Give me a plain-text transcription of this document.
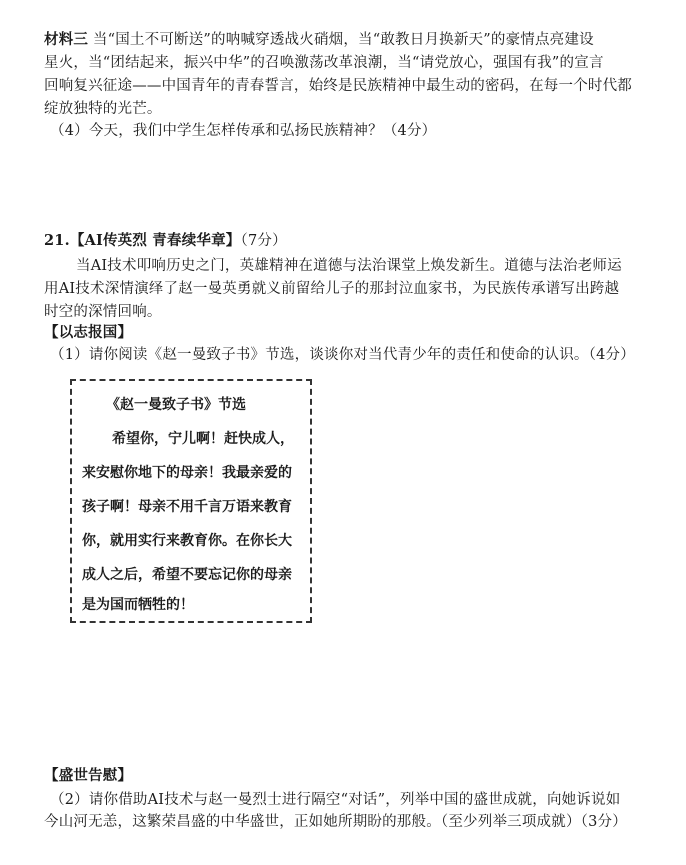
材料三 当“国土不可断送”的呐喊穿透战火硝烟，当“敢教日月换新天”的豪情点亮建设
星火，当“团结起来，振兴中华”的召唤激荡改革浪潮，当“请党放心，强国有我”的宣言
回响复兴征途——中国青年的青春誓言，始终是民族精神中最生动的密码，在每一个时代都
绽放独特的光芒。
（4）今天，我们中学生怎样传承和弘扬民族精神？（4分）
21.【AI传英烈 青春续华章】（7分）
当AI技术叩响历史之门，英雄精神在道德与法治课堂上焕发新生。道德与法治老师运
用AI技术深情演绎了赵一曼英勇就义前留给儿子的那封泣血家书，为民族传承谱写出跨越
时空的深情回响。
【以志报国】
（1）请你阅读《赵一曼致子书》节选，谈谈你对当代青少年的责任和使命的认识。（4分）
《赵一曼致子书》节选
希望你，宁儿啊！赶快成人，
来安慰你地下的母亲！我最亲爱的
孩子啊！母亲不用千言万语来教育
你，就用实行来教育你。在你长大
成人之后，希望不要忘记你的母亲
是为国而牺牲的！
【盛世告慰】
（2）请你借助AI技术与赵一曼烈士进行隔空“对话”，列举中国的盛世成就，向她诉说如
今山河无恙，这繁荣昌盛的中华盛世，正如她所期盼的那般。（至少列举三项成就）（3分）
